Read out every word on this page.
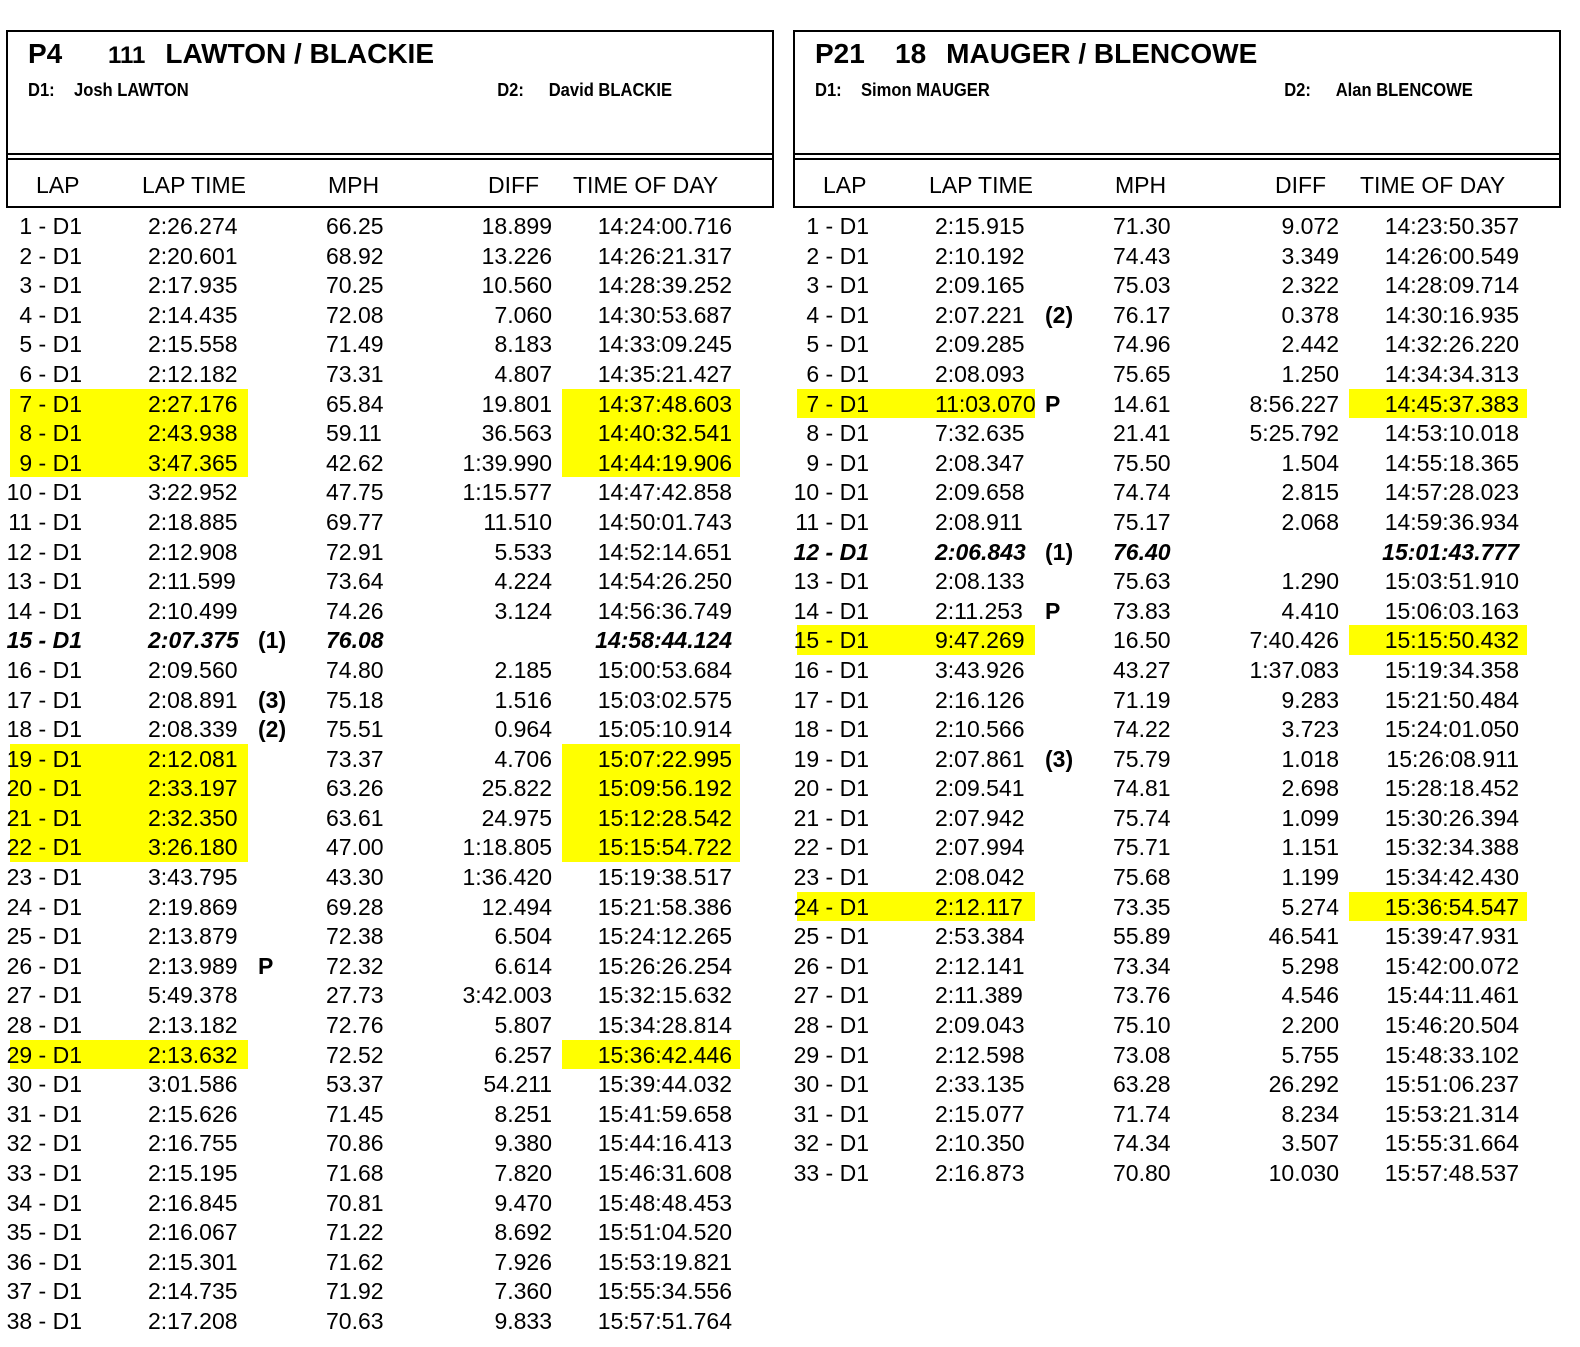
P4 111 LAWTON / BLACKIE
D1: Josh LAWTON	D2: David BLACKIE
LAP	LAP TIME	MPH	DIFF TIME OF DAY
1 - D1	2:26.274	66.25	18.899 14:24:00.716
2 - D1	2:20.601	68.92	13.226 14:26:21.317
3 - D1	2:17.935	70.25	10.560 14:28:39.252
4 - D1	2:14.435	72.08	7.060 14:30:53.687
5 - D1	2:15.558	71.49	8.183 14:33:09.245
6 - D1	2:12.182	73.31	4.807 14:35:21.427
7 - D1	2:27.176	65.84	19.801 14:37:48.603
8 - D1	2:43.938	59.11	36.563 14:40:32.541
9 - D1	3:47.365	42.62	1:39.990 14:44:19.906
10 - D1	3:22.952	47.75	1:15.577 14:47:42.858
11 - D1	2:18.885	69.77	11.510 14:50:01.743
12 - D1	2:12.908	72.91	5.533 14:52:14.651
13 - D1	2:11.599	73.64	4.224 14:54:26.250
14 - D1	2:10.499	74.26	3.124 14:56:36.749
15 - D1	2:07.375 (1) 76.08	14:58:44.124
16 - D1	2:09.560	74.80	2.185 15:00:53.684
17 - D1	2:08.891 (3) 75.18	1.516 15:03:02.575
18 - D1	2:08.339 (2) 75.51	0.964 15:05:10.914
19 - D1	2:12.081	73.37	4.706 15:07:22.995
20 - D1	2:33.197	63.26	25.822 15:09:56.192
21 - D1	2:32.350	63.61	24.975 15:12:28.542
22 - D1	3:26.180	47.00	1:18.805 15:15:54.722
23 - D1	3:43.795	43.30	1:36.420 15:19:38.517
24 - D1	2:19.869	69.28	12.494 15:21:58.386
25 - D1	2:13.879	72.38	6.504 15:24:12.265
26 - D1	2:13.989 P 72.32	6.614 15:26:26.254
27 - D1	5:49.378	27.73	3:42.003 15:32:15.632
28 - D1	2:13.182	72.76	5.807 15:34:28.814
29 - D1	2:13.632	72.52	6.257 15:36:42.446
30 - D1	3:01.586	53.37	54.211 15:39:44.032
31 - D1	2:15.626	71.45	8.251 15:41:59.658
32 - D1	2:16.755	70.86	9.380 15:44:16.413
33 - D1	2:15.195	71.68	7.820 15:46:31.608
34 - D1	2:16.845	70.81	9.470 15:48:48.453
35 - D1	2:16.067	71.22	8.692 15:51:04.520
36 - D1	2:15.301	71.62	7.926 15:53:19.821
37 - D1	2:14.735	71.92	7.360 15:55:34.556
38 - D1	2:17.208	70.63	9.833 15:57:51.764
P21 18 MAUGER / BLENCOWE
D1: Simon MAUGER	D2: Alan BLENCOWE
LAP	LAP TIME	MPH	DIFF TIME OF DAY
1 - D1	2:15.915	71.30	9.072 14:23:50.357
2 - D1	2:10.192	74.43	3.349 14:26:00.549
3 - D1	2:09.165	75.03	2.322 14:28:09.714
4 - D1	2:07.221 (2) 76.17	0.378 14:30:16.935
5 - D1	2:09.285	74.96	2.442 14:32:26.220
6 - D1	2:08.093	75.65	1.250 14:34:34.313
7 - D1	11:03.070 P 14.61	8:56.227 14:45:37.383
8 - D1	7:32.635	21.41	5:25.792 14:53:10.018
9 - D1	2:08.347	75.50	1.504 14:55:18.365
10 - D1	2:09.658	74.74	2.815 14:57:28.023
11 - D1	2:08.911	75.17	2.068 14:59:36.934
12 - D1	2:06.843 (1) 76.40	15:01:43.777
13 - D1	2:08.133	75.63	1.290 15:03:51.910
14 - D1	2:11.253 P 73.83	4.410 15:06:03.163
15 - D1	9:47.269	16.50	7:40.426 15:15:50.432
16 - D1	3:43.926	43.27	1:37.083 15:19:34.358
17 - D1	2:16.126	71.19	9.283 15:21:50.484
18 - D1	2:10.566	74.22	3.723 15:24:01.050
19 - D1	2:07.861 (3) 75.79	1.018 15:26:08.911
20 - D1	2:09.541	74.81	2.698 15:28:18.452
21 - D1	2:07.942	75.74	1.099 15:30:26.394
22 - D1	2:07.994	75.71	1.151 15:32:34.388
23 - D1	2:08.042	75.68	1.199 15:34:42.430
24 - D1	2:12.117	73.35	5.274 15:36:54.547
25 - D1	2:53.384	55.89	46.541 15:39:47.931
26 - D1	2:12.141	73.34	5.298 15:42:00.072
27 - D1	2:11.389	73.76	4.546 15:44:11.461
28 - D1	2:09.043	75.10	2.200 15:46:20.504
29 - D1	2:12.598	73.08	5.755 15:48:33.102
30 - D1	2:33.135	63.28	26.292 15:51:06.237
31 - D1	2:15.077	71.74	8.234 15:53:21.314
32 - D1	2:10.350	74.34	3.507 15:55:31.664
33 - D1	2:16.873	70.80	10.030 15:57:48.537
